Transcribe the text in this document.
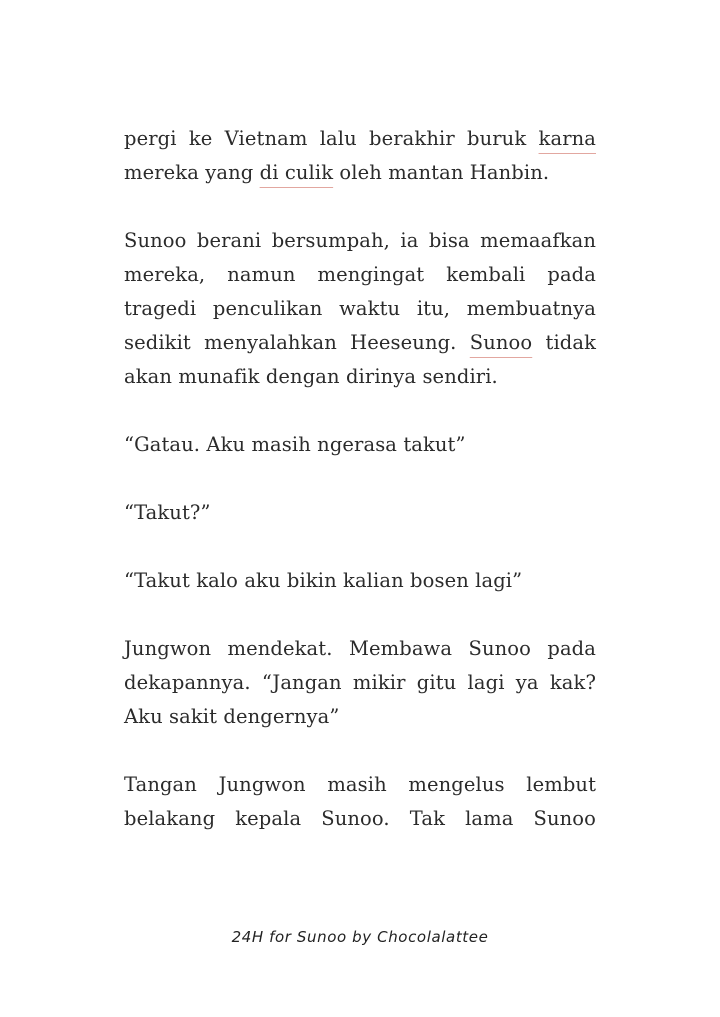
pergi ke Vietnam lalu berakhir buruk karna mereka yang di culik oleh mantan Hanbin.

Sunoo berani bersumpah, ia bisa memaafkan mereka, namun mengingat kembali pada tragedi penculikan waktu itu, membuatnya sedikit menyalahkan Heeseung. Sunoo tidak akan munafik dengan dirinya sendiri.

“Gatau. Aku masih ngerasa takut”

“Takut?”

“Takut kalo aku bikin kalian bosen lagi”

Jungwon mendekat. Membawa Sunoo pada dekapannya. “Jangan mikir gitu lagi ya kak? Aku sakit dengernya”

Tangan Jungwon masih mengelus lembut belakang kepala Sunoo. Tak lama Sunoo

24H for Sunoo by Chocolalattee
